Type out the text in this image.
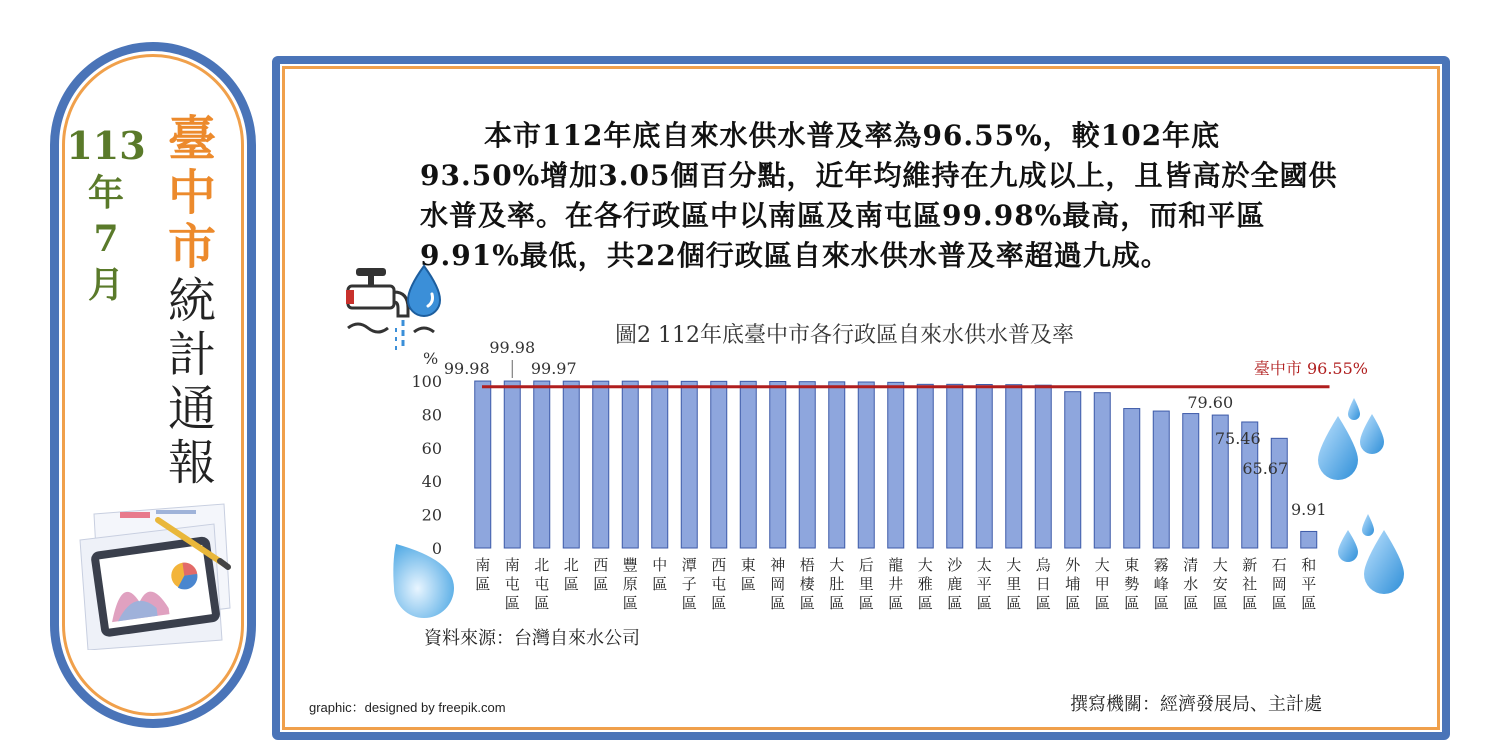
113
年
7
月
臺
中
市
統
計
通
報

本市112年底自來水供水普及率為96.55%，較102年底93.50%增加3.05個百分點，近年均維持在九成以上，且皆高於全國供水普及率。在各行政區中以南區及南屯區99.98%最高，而和平區9.91%最低，共22個行政區自來水供水普及率超過九成。

圖2 112年底臺中市各行政區自來水供水普及率
0
20
40
60
80
100
%
南區
南屯區
北屯區
北區
西區
豐原區
中區
潭子區
西屯區
東區
神岡區
梧棲區
大肚區
后里區
龍井區
大雅區
沙鹿區
太平區
大里區
烏日區
外埔區
大甲區
東勢區
霧峰區
清水區
大安區
新社區
石岡區
和平區
99.98
99.98
99.97
79.60
75.46
65.67
9.91
臺中市 96.55%
資料來源：台灣自來水公司
graphic：designed by freepik.com	撰寫機關：經濟發展局、主計處
